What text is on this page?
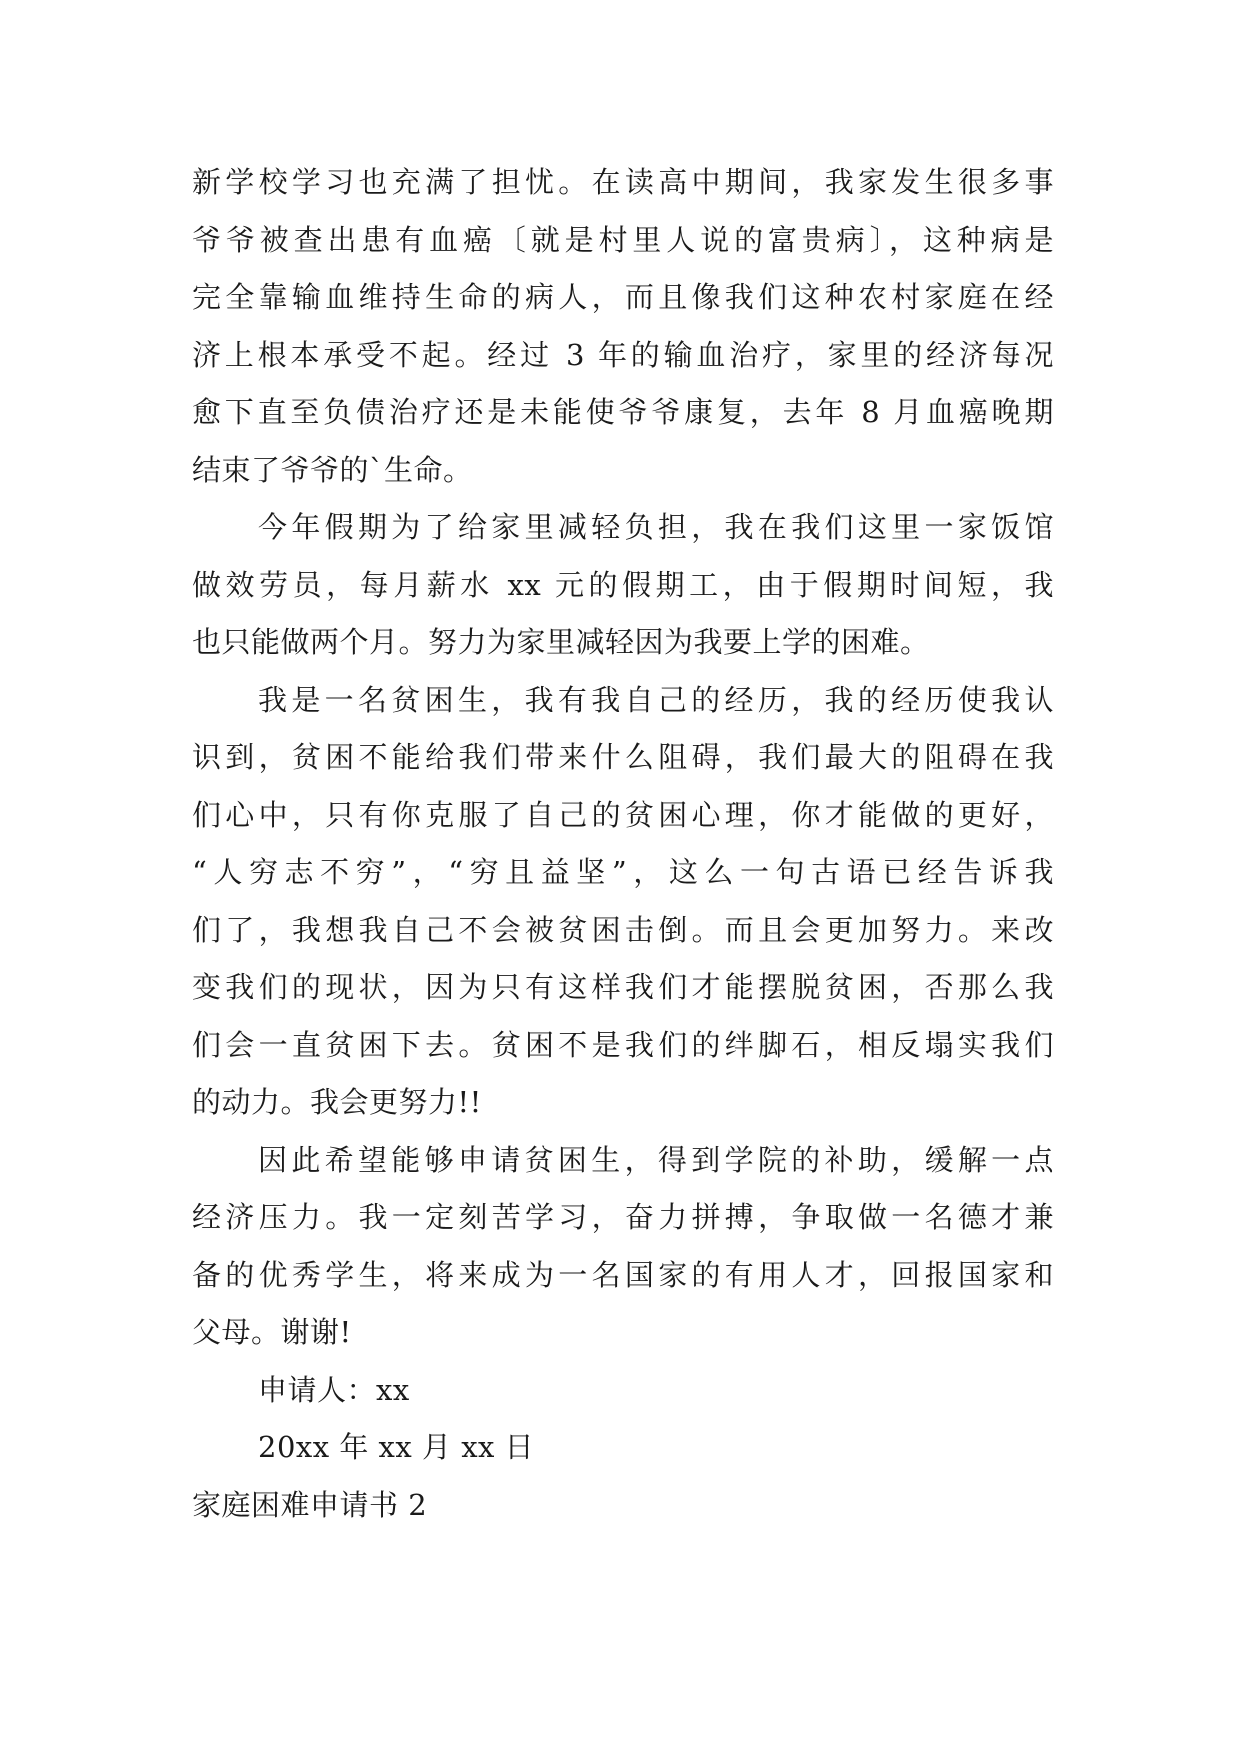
新学校学习也充满了担忧。在读高中期间，我家发生很多事
爷爷被查出患有血癌〔就是村里人说的富贵病〕，这种病是
完全靠输血维持生命的病人，而且像我们这种农村家庭在经
济上根本承受不起。经过 3 年的输血治疗，家里的经济每况
愈下直至负债治疗还是未能使爷爷康复，去年 8 月血癌晚期
结束了爷爷的`生命。
今年假期为了给家里减轻负担，我在我们这里一家饭馆
做效劳员，每月薪水 xx 元的假期工，由于假期时间短，我
也只能做两个月。努力为家里减轻因为我要上学的困难。
我是一名贫困生，我有我自己的经历，我的经历使我认
识到，贫困不能给我们带来什么阻碍，我们最大的阻碍在我
们心中，只有你克服了自己的贫困心理，你才能做的更好，
“人穷志不穷”，“穷且益坚”，这么一句古语已经告诉我
们了，我想我自己不会被贫困击倒。而且会更加努力。来改
变我们的现状，因为只有这样我们才能摆脱贫困，否那么我
们会一直贫困下去。贫困不是我们的绊脚石，相反塌实我们
的动力。我会更努力!!
因此希望能够申请贫困生，得到学院的补助，缓解一点
经济压力。我一定刻苦学习，奋力拼搏，争取做一名德才兼
备的优秀学生，将来成为一名国家的有用人才，回报国家和
父母。谢谢!
申请人：xx
20xx 年 xx 月 xx 日
家庭困难申请书 2
